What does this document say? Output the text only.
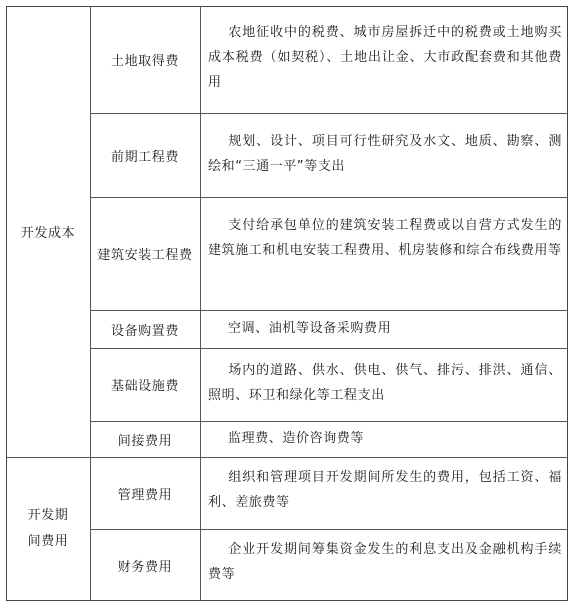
开发成本
开发期
间费用
土地取得费
农地征收中的税费、城市房屋拆迁中的税费或土地购买成本税费（如契税）、土地出让金、大市政配套费和其他费用
前期工程费
规划、设计、项目可行性研究及水文、地质、勘察、测绘和“三通一平”等支出
建筑安装工程费
支付给承包单位的建筑安装工程费或以自营方式发生的建筑施工和机电安装工程费用、机房装修和综合布线费用等
设备购置费	空调、油机等设备采购费用
基础设施费
场内的道路、供水、供电、供气、排污、排洪、通信、照明、环卫和绿化等工程支出
间接费用	监理费、造价咨询费等
管理费用
组织和管理项目开发期间所发生的费用，包括工资、福利、差旅费等
财务费用
企业开发期间筹集资金发生的利息支出及金融机构手续费等
